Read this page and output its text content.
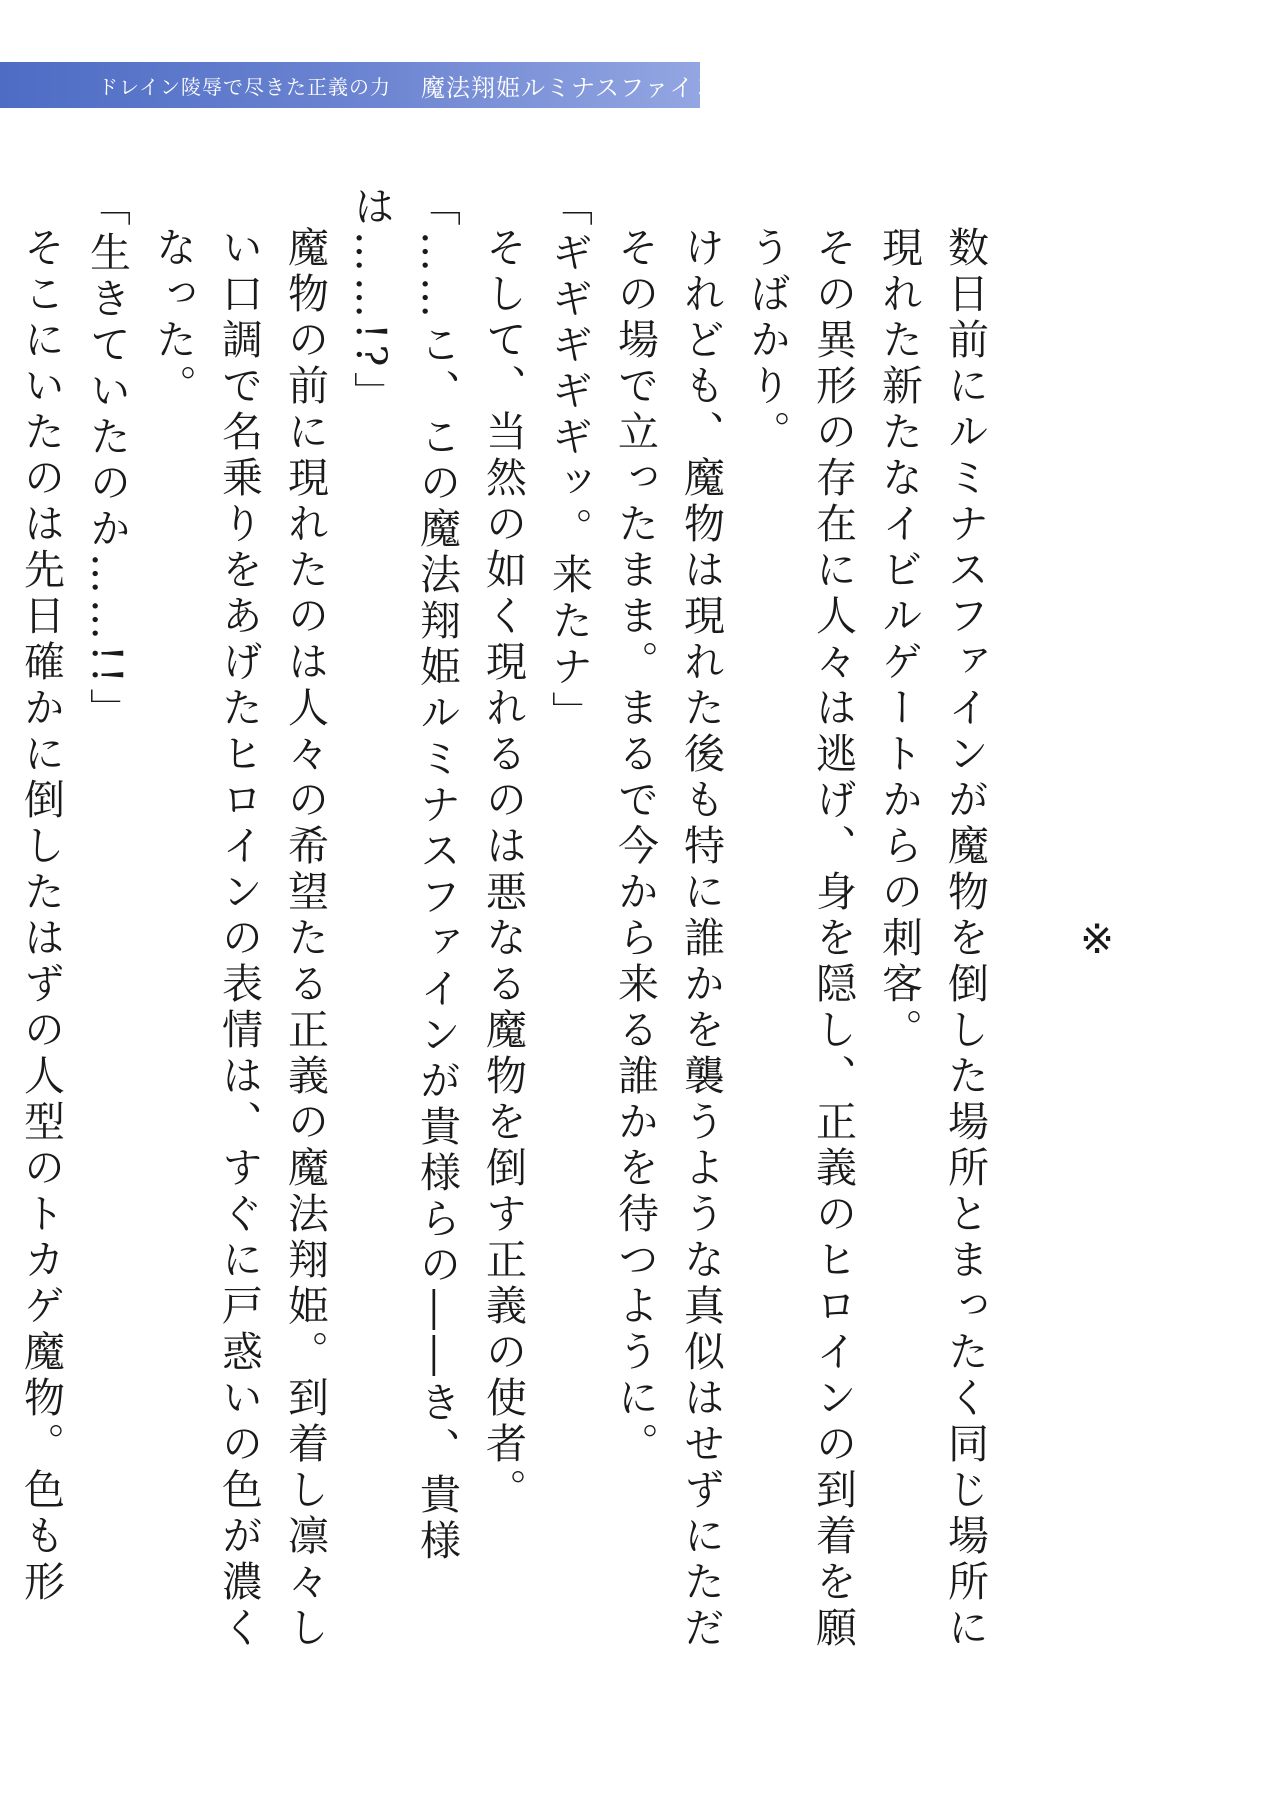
ドレイン陵辱で尽きた正義の力 魔法翔姫ルミナスファイン
※

数日前にルミナスファインが魔物を倒した場所とまったく同じ場所に現れた新たなイビルゲートからの刺客。
その異形の存在に人々は逃げ、身を隠し、正義のヒロインの到着を願うばかり。
けれども、魔物は現れた後も特に誰かを襲うような真似はせずにただその場で立ったまま。まるで今から来る誰かを待つように。
「ギギギギギッ。来たナ」
そして、当然の如く現れるのは悪なる魔物を倒す正義の使者。
「……こ、この魔法翔姫ルミナスファインが貴様らの――き、貴様は……!?」
魔物の前に現れたのは人々の希望たる正義の魔法翔姫。到着し凛々しい口調で名乗りをあげたヒロインの表情は、すぐに戸惑いの色が濃くなった。
「生きていたのか……!!」
そこにいたのは先日確かに倒したはずの人型のトカゲ魔物。色も形
